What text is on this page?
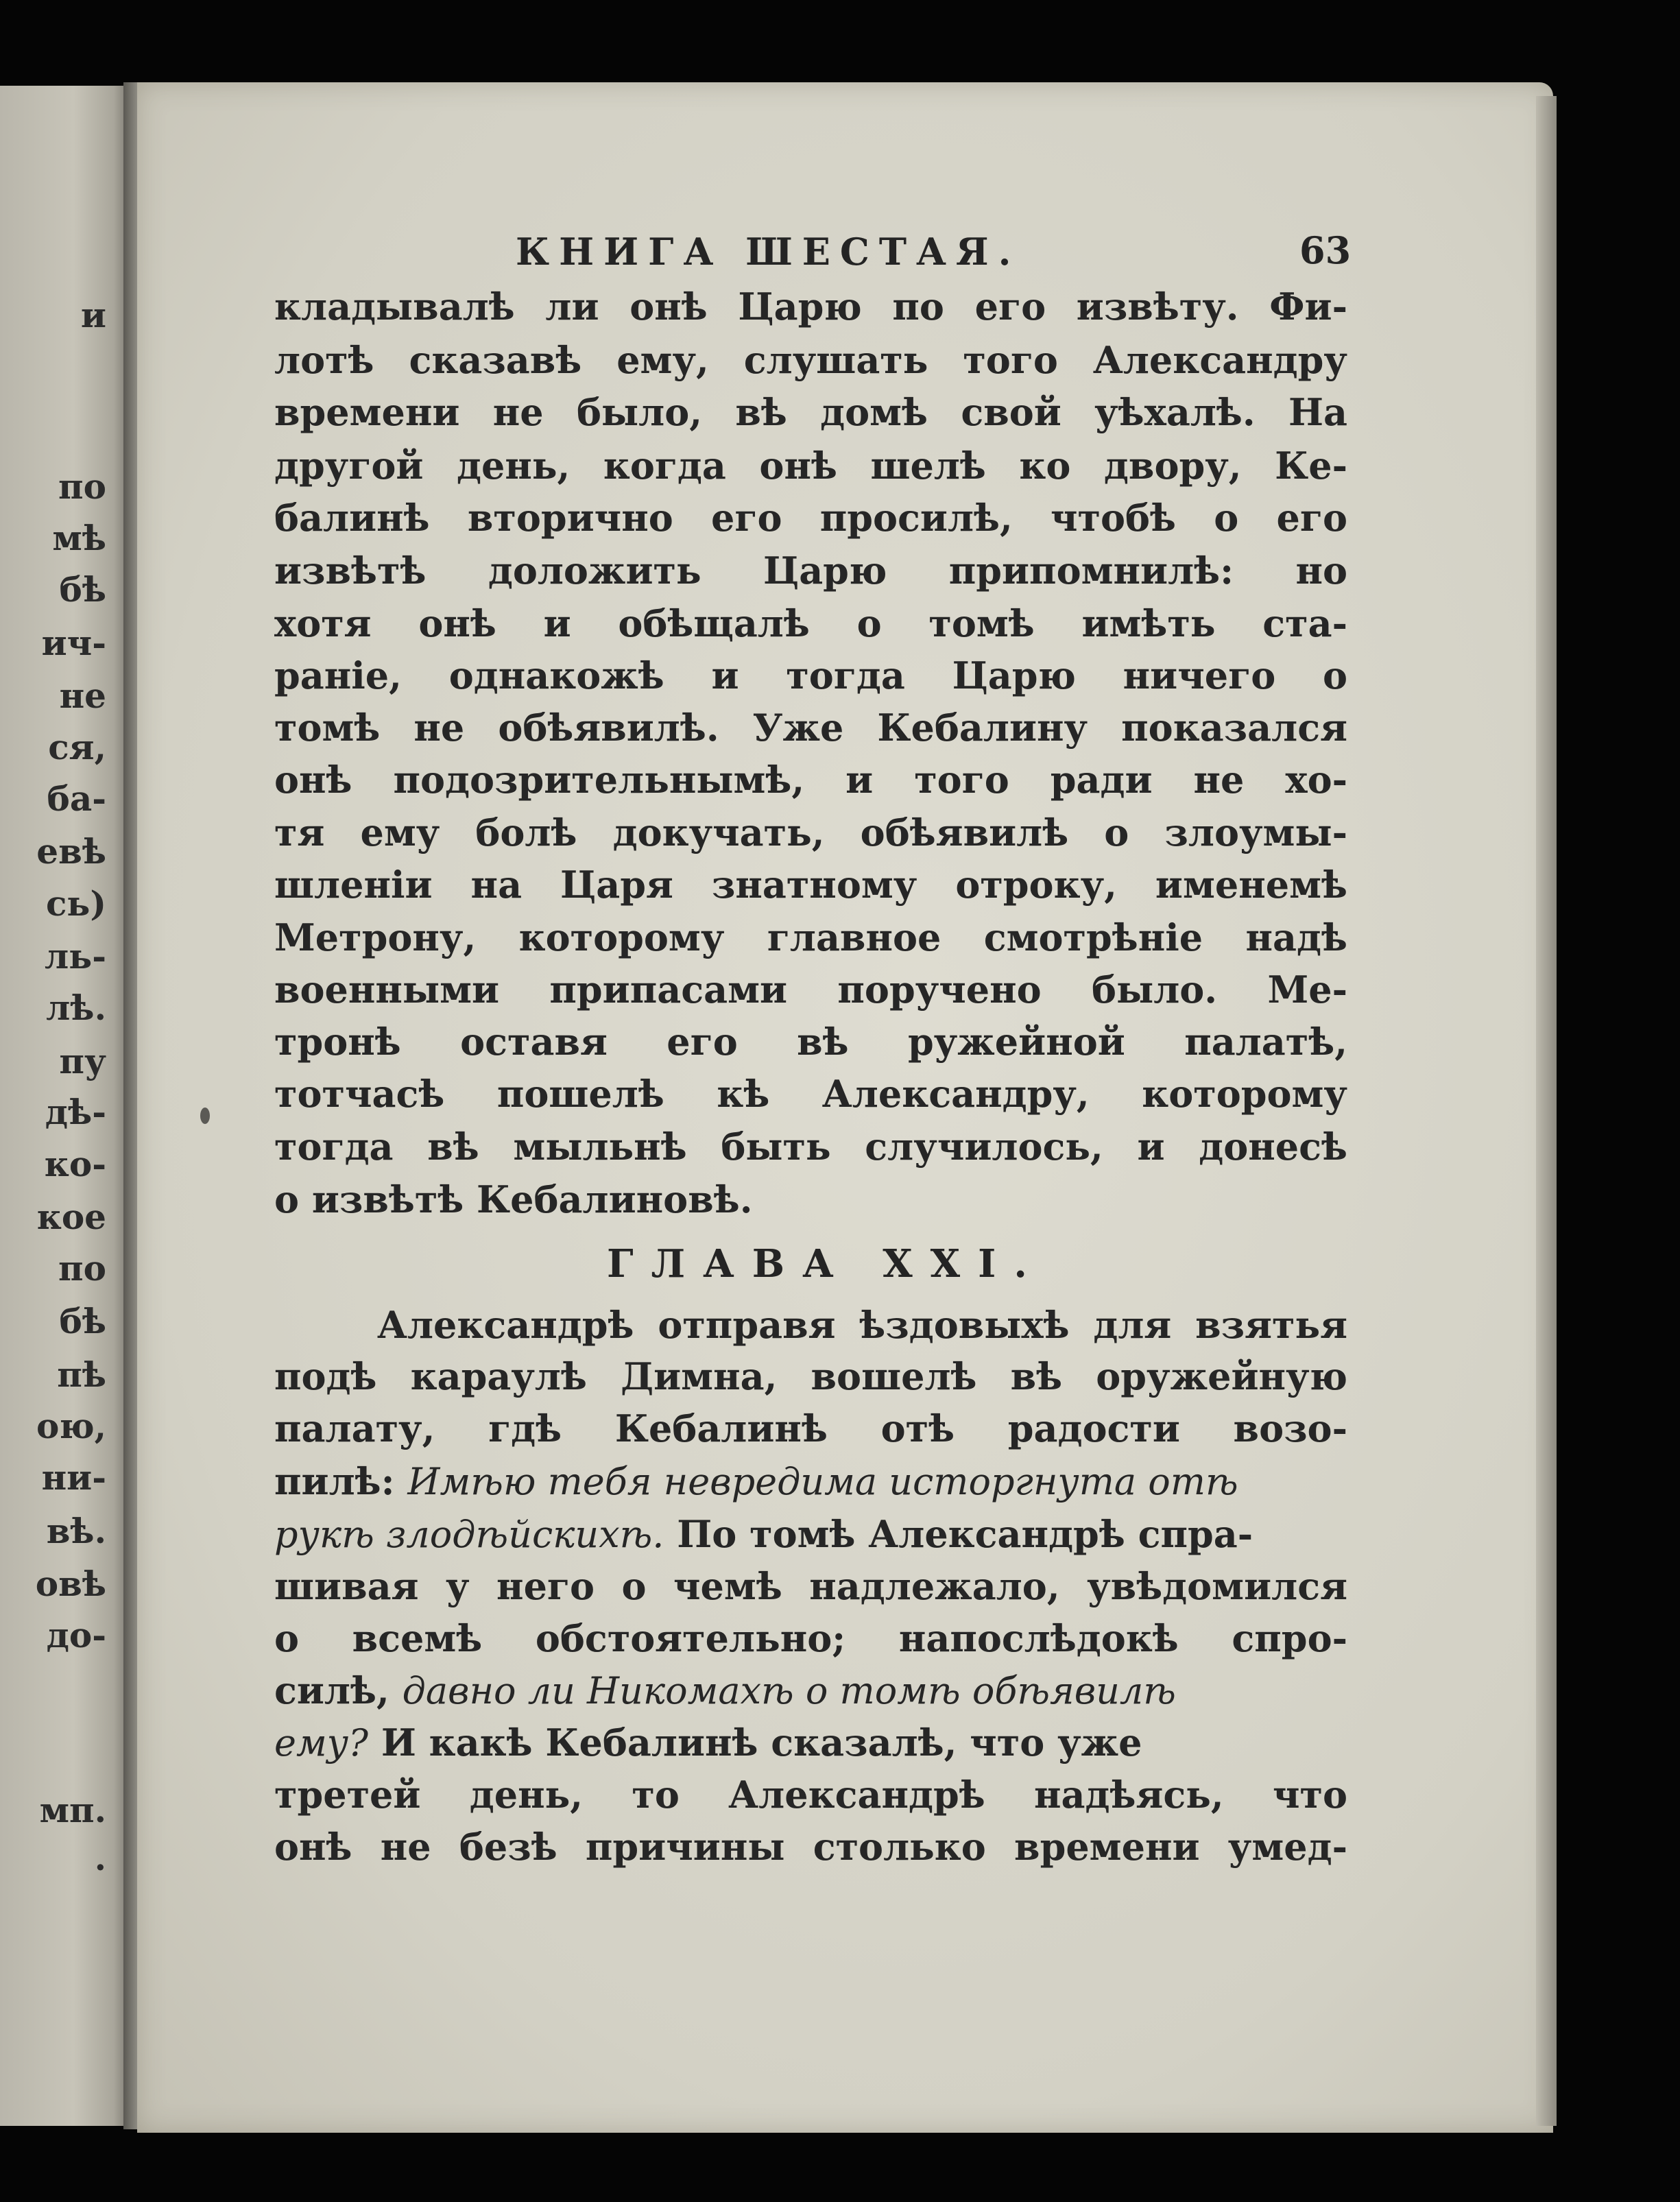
и
по
мѣ
бѣ
ич-
не
ся,
ба-
евѣ
сь)
ль-
лѣ.
пу
дѣ-
ко-
кое
по
бѣ
пѣ
ою,
ни-
вѣ.
овѣ
до-
мп.
.
КНИГА ШЕСТАЯ.	63
кладывалѣ ли онѣ Царю по его извѣту. Фи-
лотѣ сказавѣ ему, слушать того Александру
времени не было, вѣ домѣ свой уѣхалѣ. На
другой день, когда онѣ шелѣ ко двору, Ке-
балинѣ вторично его просилѣ, чтобѣ о его
извѣтѣ доложить Царю припомнилѣ: но
хотя онѣ и обѣщалѣ о томѣ имѣть ста-
раніе, однакожѣ и тогда Царю ничего о
томѣ не обѣявилѣ. Уже Кебалину показался
онѣ подозрительнымѣ, и того ради не хо-
тя ему болѣ докучать, обѣявилѣ о злоумы-
шленіи на Царя знатному отроку, именемѣ
Метрону, которому главное смотрѣніе надѣ
военными припасами поручено было. Ме-
тронѣ оставя его вѣ ружейной палатѣ,
тотчасѣ пошелѣ кѣ Александру, которому
тогда вѣ мыльнѣ быть случилось, и донесѣ
о извѣтѣ Кебалиновѣ.
ГЛАВА XXI.
Александрѣ отправя ѣздовыхѣ для взятья
подѣ караулѣ Димна, вошелѣ вѣ оружейную
палату, гдѣ Кебалинѣ отѣ радости возо-
пилѣ: Имѣю тебя невредима исторгнута отѣ
рукѣ злодѣйскихѣ. По томѣ Александрѣ спра-
шивая у него о чемѣ надлежало, увѣдомился
о всемѣ обстоятельно; напослѣдокѣ спро-
силѣ, давно ли Никомахѣ о томѣ обѣявилѣ
ему? И какѣ Кебалинѣ сказалѣ, что уже
третей день, то Александрѣ надѣясь, что
онѣ не безѣ причины столько времени умед-
